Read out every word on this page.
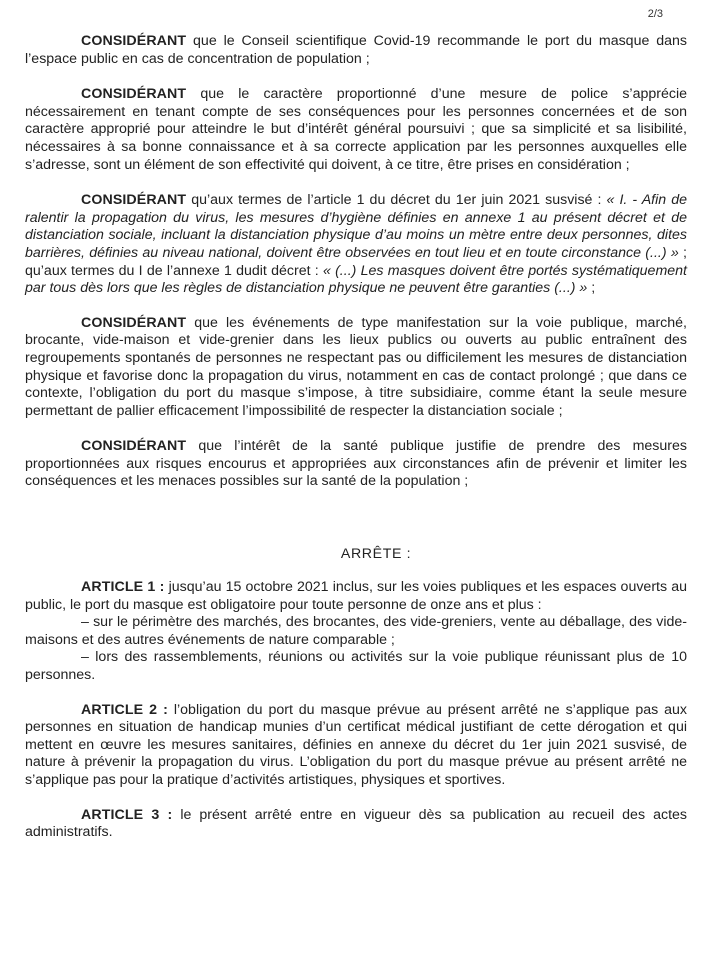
2/3

CONSIDÉRANT que le Conseil scientifique Covid-19 recommande le port du masque dans l’espace public en cas de concentration de population ;

CONSIDÉRANT que le caractère proportionné d’une mesure de police s’apprécie nécessairement en tenant compte de ses conséquences pour les personnes concernées et de son caractère approprié pour atteindre le but d’intérêt général poursuivi ; que sa simplicité et sa lisibilité, nécessaires à sa bonne connaissance et à sa correcte application par les personnes auxquelles elle s’adresse, sont un élément de son effectivité qui doivent, à ce titre, être prises en considération ;

CONSIDÉRANT qu’aux termes de l’article 1 du décret du 1er juin 2021 susvisé : « I. - Afin de ralentir la propagation du virus, les mesures d’hygiène définies en annexe 1 au présent décret et de distanciation sociale, incluant la distanciation physique d’au moins un mètre entre deux personnes, dites barrières, définies au niveau national, doivent être observées en tout lieu et en toute circonstance (...) » ; qu’aux termes du I de l’annexe 1 dudit décret : « (...) Les masques doivent être portés systématiquement par tous dès lors que les règles de distanciation physique ne peuvent être garanties (...) » ;

CONSIDÉRANT que les événements de type manifestation sur la voie publique, marché, brocante, vide-maison et vide-grenier dans les lieux publics ou ouverts au public entraînent des regroupements spontanés de personnes ne respectant pas ou difficilement les mesures de distanciation physique et favorise donc la propagation du virus, notamment en cas de contact prolongé ; que dans ce contexte, l’obligation du port du masque s’impose, à titre subsidiaire, comme étant la seule mesure permettant de pallier efficacement l’impossibilité de respecter la distanciation sociale ;

CONSIDÉRANT que l’intérêt de la santé publique justifie de prendre des mesures proportionnées aux risques encourus et appropriées aux circonstances afin de prévenir et limiter les conséquences et les menaces possibles sur la santé de la population ;

ARRÊTE :

ARTICLE 1 : jusqu’au 15 octobre 2021 inclus, sur les voies publiques et les espaces ouverts au public, le port du masque est obligatoire pour toute personne de onze ans et plus :

– sur le périmètre des marchés, des brocantes, des vide-greniers, vente au déballage, des vide-maisons et des autres événements de nature comparable ;

– lors des rassemblements, réunions ou activités sur la voie publique réunissant plus de 10 personnes.

ARTICLE 2 : l’obligation du port du masque prévue au présent arrêté ne s’applique pas aux personnes en situation de handicap munies d’un certificat médical justifiant de cette dérogation et qui mettent en œuvre les mesures sanitaires, définies en annexe du décret du 1er juin 2021 susvisé, de nature à prévenir la propagation du virus. L’obligation du port du masque prévue au présent arrêté ne s’applique pas pour la pratique d’activités artistiques, physiques et sportives.

ARTICLE 3 : le présent arrêté entre en vigueur dès sa publication au recueil des actes administratifs.
